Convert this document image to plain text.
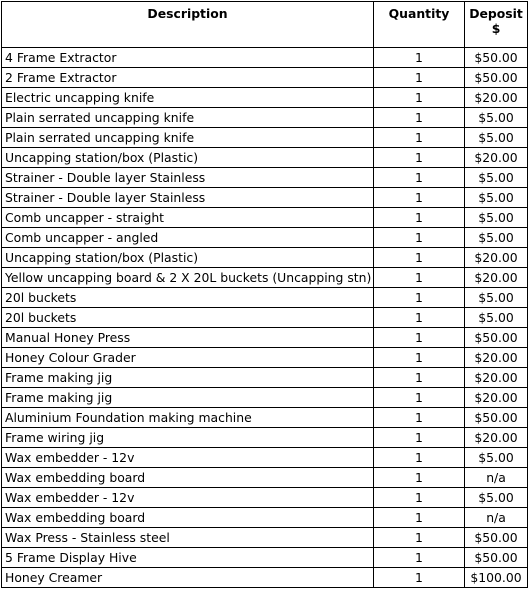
Description	Quantity	Deposit
$
4 Frame Extractor	1	$50.00
2 Frame Extractor	1	$50.00
Electric uncapping knife	1	$20.00
Plain serrated uncapping knife	1	$5.00
Plain serrated uncapping knife	1	$5.00
Uncapping station/box (Plastic)	1	$20.00
Strainer - Double layer Stainless	1	$5.00
Strainer - Double layer Stainless	1	$5.00
Comb uncapper - straight	1	$5.00
Comb uncapper - angled	1	$5.00
Uncapping station/box (Plastic)	1	$20.00
Yellow uncapping board & 2 X 20L buckets (Uncapping stn)	1	$20.00
20l buckets	1	$5.00
20l buckets	1	$5.00
Manual Honey Press	1	$50.00
Honey Colour Grader	1	$20.00
Frame making jig	1	$20.00
Frame making jig	1	$20.00
Aluminium Foundation making machine	1	$50.00
Frame wiring jig	1	$20.00
Wax embedder - 12v	1	$5.00
Wax embedding board	1	n/a
Wax embedder - 12v	1	$5.00
Wax embedding board	1	n/a
Wax Press - Stainless steel	1	$50.00
5 Frame Display Hive	1	$50.00
Honey Creamer	1	$100.00
